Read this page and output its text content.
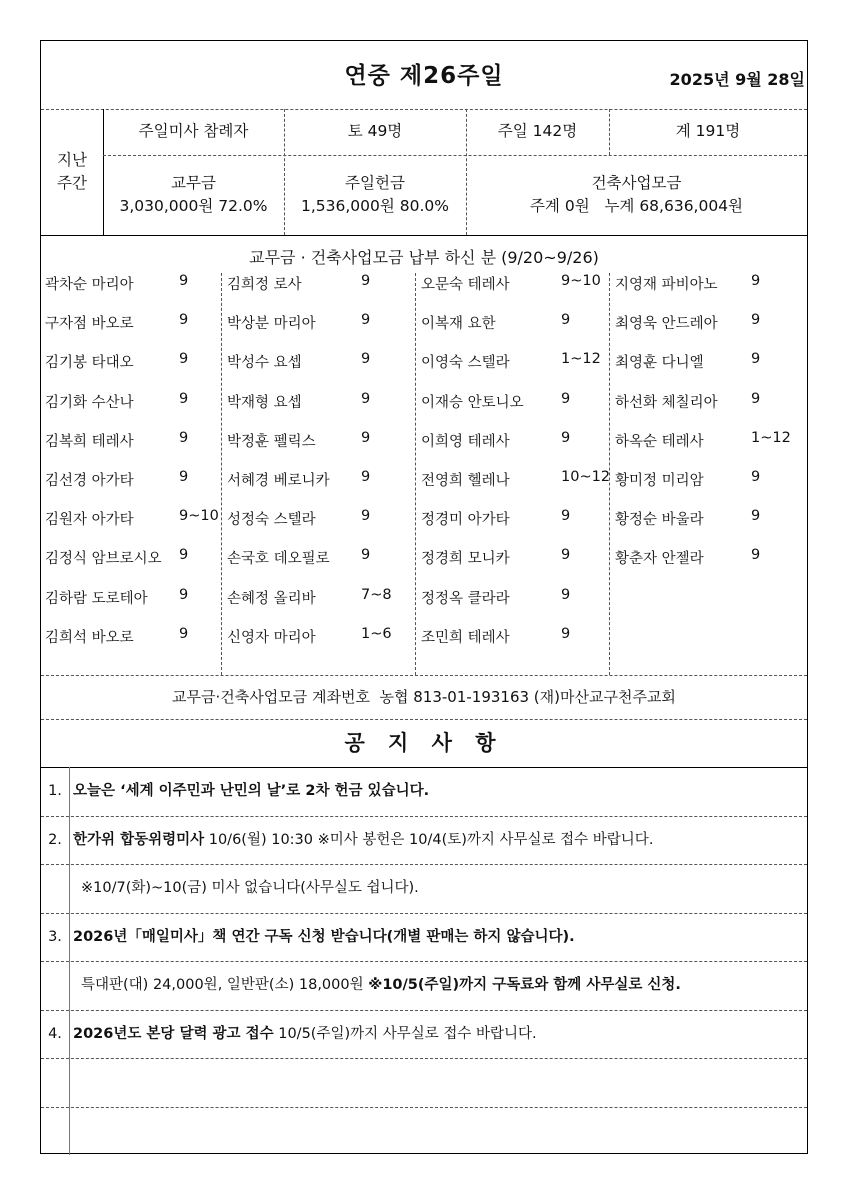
연중 제26주일	2025년 9월 28일
지난
주간
주일미사 참례자	토 49명	주일 142명	계 191명
교무금
3,030,000원 72.0%
주일헌금
1,536,000원 80.0%
건축사업모금
주계 0원   누계 68,636,004원
교무금 · 건축사업모금 납부 하신 분 (9/20~9/26)
곽차순 마리아	9
구자점 바오로	9
김기봉 타대오	9
김기화 수산나	9
김복희 테레사	9
김선경 아가타	9
김원자 아가타	9~10
김정식 암브로시오 9
김하람 도로테아 9
김희석 바오로	9
김희정 로사	9
박상분 마리아	9
박성수 요셉	9
박재형 요셉	9
박정훈 펠릭스	9
서혜경 베로니카 9
성정숙 스텔라	9
손국호 데오필로 9
손혜정 올리바	7~8
신영자 마리아	1~6
오문숙 테레사	9~10
이복재 요한	9
이영숙 스텔라	1~12
이재승 안토니오	9
이희영 테레사	9
전영희 헬레나	10~12
정경미 아가타	9
정경희 모니카	9
정정옥 클라라	9
조민희 테레사	9
지영재 파비아노 9
최영욱 안드레아 9
최영훈 다니엘	9
하선화 체칠리아 9
하옥순 테레사	1~12
황미정 미리암	9
황정순 바울라	9
황춘자 안젤라	9
교무금·건축사업모금 계좌번호  농협 813-01-193163 (재)마산교구천주교회
공 지 사 항
1. 오늘은 ‘세계 이주민과 난민의 날’로 2차 헌금 있습니다.
2. 한가위 합동위령미사 10/6(월) 10:30 ※미사 봉헌은 10/4(토)까지 사무실로 접수 바랍니다.
※10/7(화)~10(금) 미사 없습니다(사무실도 쉽니다).
3. 2026년「매일미사」책 연간 구독 신청 받습니다(개별 판매는 하지 않습니다).
특대판(대) 24,000원, 일반판(소) 18,000원 ※10/5(주일)까지 구독료와 함께 사무실로 신청.
4. 2026년도 본당 달력 광고 접수 10/5(주일)까지 사무실로 접수 바랍니다.
